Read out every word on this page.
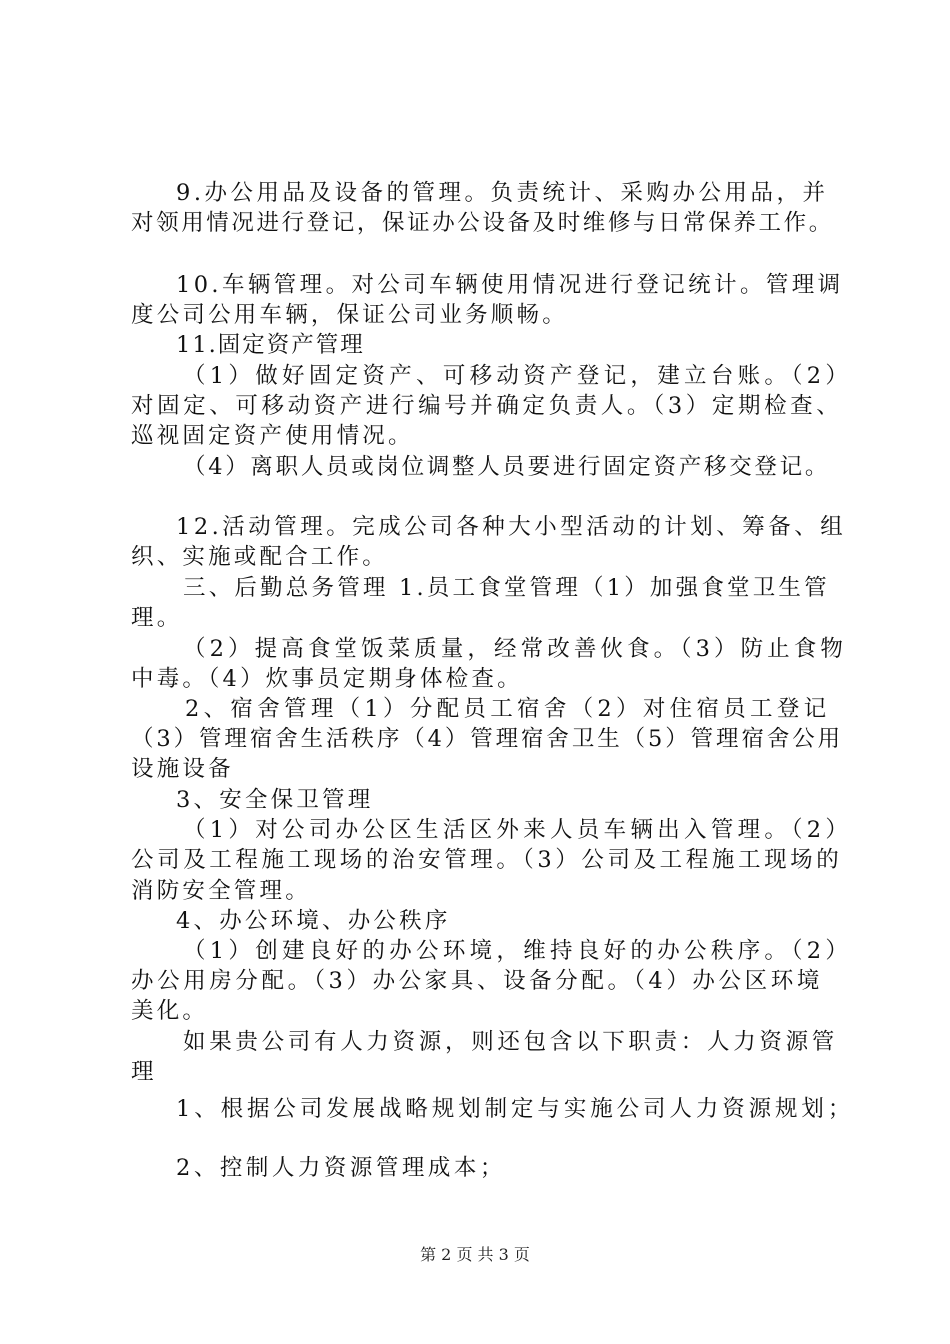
9.办公用品及设备的管理。负责统计、采购办公用品，并
对领用情况进行登记，保证办公设备及时维修与日常保养工作。
10.车辆管理。对公司车辆使用情况进行登记统计。管理调
度公司公用车辆，保证公司业务顺畅。
11.固定资产管理
（1）做好固定资产、可移动资产登记，建立台账。（2）
对固定、可移动资产进行编号并确定负责人。（3）定期检查、
巡视固定资产使用情况。
（4）离职人员或岗位调整人员要进行固定资产移交登记。
12.活动管理。完成公司各种大小型活动的计划、筹备、组
织、实施或配合工作。
三、后勤总务管理 1.员工食堂管理（1）加强食堂卫生管
理。
（2）提高食堂饭菜质量，经常改善伙食。（3）防止食物
中毒。（4）炊事员定期身体检查。
2、宿舍管理（1）分配员工宿舍（2）对住宿员工登记
（3）管理宿舍生活秩序（4）管理宿舍卫生（5）管理宿舍公用
设施设备
3、安全保卫管理
（1）对公司办公区生活区外来人员车辆出入管理。（2）
公司及工程施工现场的治安管理。（3）公司及工程施工现场的
消防安全管理。
4、办公环境、办公秩序
（1）创建良好的办公环境，维持良好的办公秩序。（2）
办公用房分配。（3）办公家具、设备分配。（4）办公区环境
美化。
如果贵公司有人力资源，则还包含以下职责：人力资源管
理
1、根据公司发展战略规划制定与实施公司人力资源规划；
2、控制人力资源管理成本；
第 2 页 共 3 页
